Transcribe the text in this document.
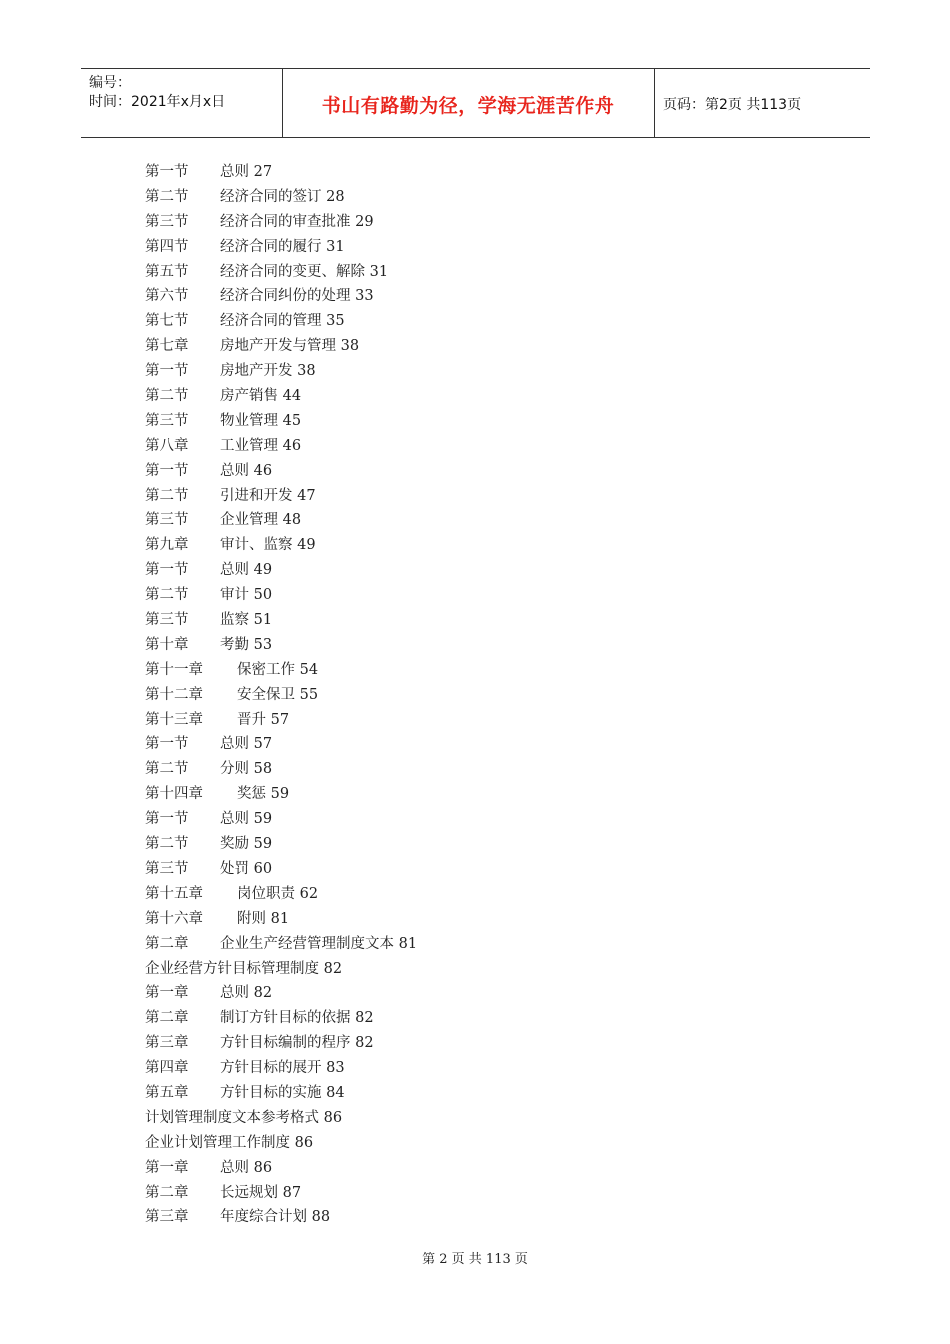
编号：
时间：2021年x月x日	书山有路勤为径，学海无涯苦作舟	页码：第2页 共113页
第一节 总则 27
第二节 经济合同的签订 28
第三节 经济合同的审查批准 29
第四节 经济合同的履行 31
第五节 经济合同的变更、解除 31
第六节 经济合同纠份的处理 33
第七节 经济合同的管理 35
第七章 房地产开发与管理 38
第一节 房地产开发 38
第二节 房产销售 44
第三节 物业管理 45
第八章 工业管理 46
第一节 总则 46
第二节 引进和开发 47
第三节 企业管理 48
第九章 审计、监察 49
第一节 总则 49
第二节 审计 50
第三节 监察 51
第十章 考勤 53
第十一章 保密工作 54
第十二章 安全保卫 55
第十三章 晋升 57
第一节 总则 57
第二节 分则 58
第十四章 奖惩 59
第一节 总则 59
第二节 奖励 59
第三节 处罚 60
第十五章 岗位职责 62
第十六章 附则 81
第二章 企业生产经营管理制度文本 81
企业经营方针目标管理制度 82
第一章 总则 82
第二章 制订方针目标的依据 82
第三章 方针目标编制的程序 82
第四章 方针目标的展开 83
第五章 方针目标的实施 84
计划管理制度文本参考格式 86
企业计划管理工作制度 86
第一章 总则 86
第二章 长远规划 87
第三章 年度综合计划 88
第 2 页 共 113 页
